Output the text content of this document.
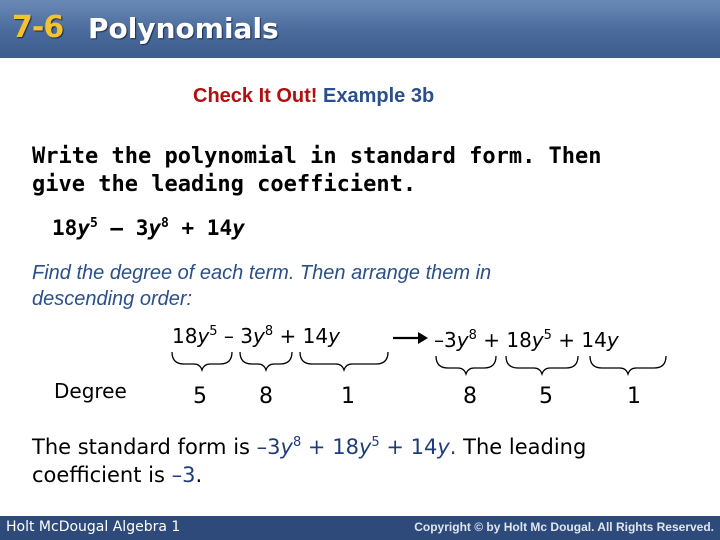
7-6 Polynomials
Check It Out! Example 3b
Write the polynomial in standard form. Then
give the leading coefficient.
$18y^5 - 3y^8 + 14y$
Find the degree of each term. Then arrange them in
descending order:
$18y^5 - 3y^8 + 14y$	$-3y^8 + 18y^5 + 14y$
Degree	5	8	1	8	5	1
The standard form is $-3y^8 + 18y^5 + 14y$. The leading
coefficient is –3.
Holt McDougal Algebra 1	Copyright © by Holt Mc Dougal. All Rights Reserved.
